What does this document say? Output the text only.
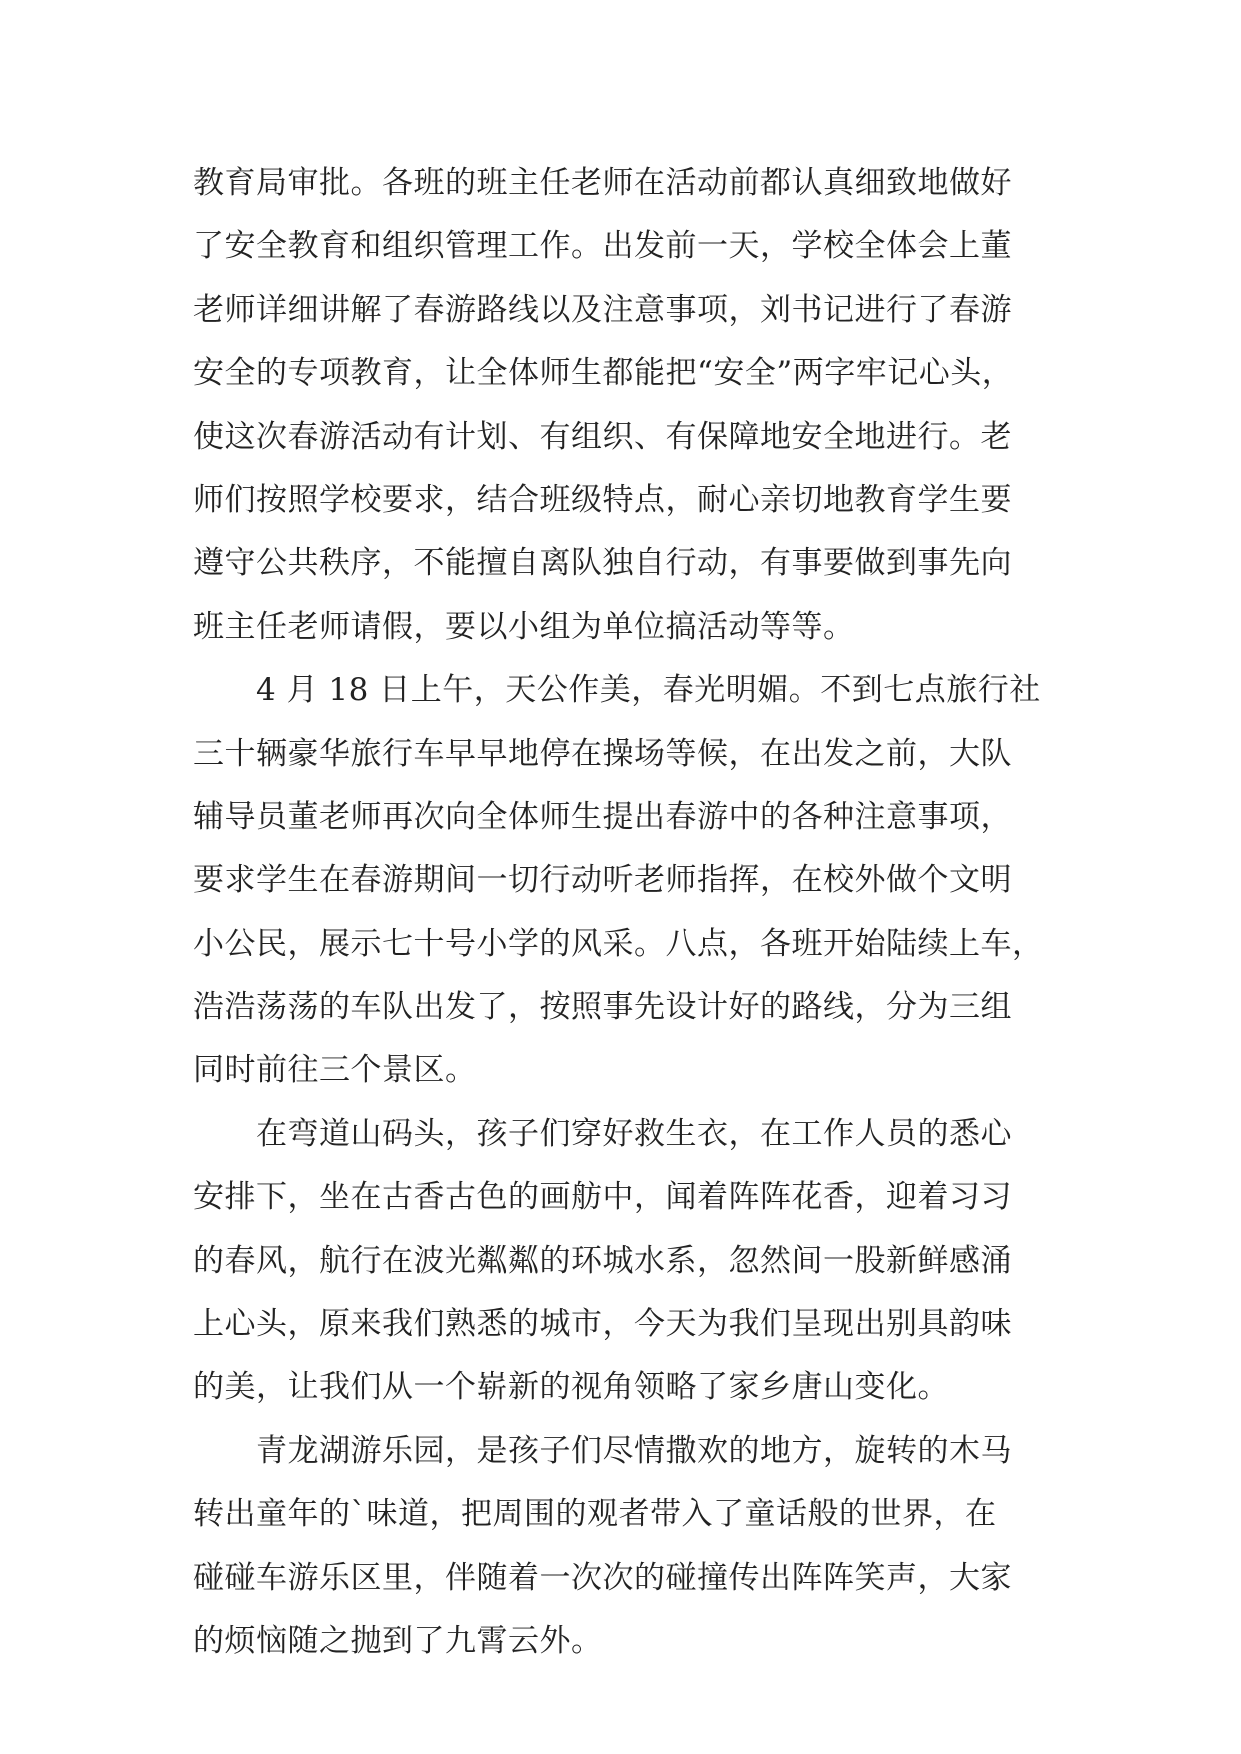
教育局审批。各班的班主任老师在活动前都认真细致地做好
了安全教育和组织管理工作。出发前一天，学校全体会上董
老师详细讲解了春游路线以及注意事项，刘书记进行了春游
安全的专项教育，让全体师生都能把“安全”两字牢记心头，
使这次春游活动有计划、有组织、有保障地安全地进行。老
师们按照学校要求，结合班级特点，耐心亲切地教育学生要
遵守公共秩序，不能擅自离队独自行动，有事要做到事先向
班主任老师请假，要以小组为单位搞活动等等。
　　4 月 18 日上午，天公作美，春光明媚。不到七点旅行社
三十辆豪华旅行车早早地停在操场等候，在出发之前，大队
辅导员董老师再次向全体师生提出春游中的各种注意事项，
要求学生在春游期间一切行动听老师指挥，在校外做个文明
小公民，展示七十号小学的风采。八点，各班开始陆续上车，
浩浩荡荡的车队出发了，按照事先设计好的路线，分为三组
同时前往三个景区。
　　在弯道山码头，孩子们穿好救生衣，在工作人员的悉心
安排下，坐在古香古色的画舫中，闻着阵阵花香，迎着习习
的春风，航行在波光粼粼的环城水系，忽然间一股新鲜感涌
上心头，原来我们熟悉的城市，今天为我们呈现出别具韵味
的美，让我们从一个崭新的视角领略了家乡唐山变化。
　　青龙湖游乐园，是孩子们尽情撒欢的地方，旋转的木马
转出童年的`味道，把周围的观者带入了童话般的世界，在
碰碰车游乐区里，伴随着一次次的碰撞传出阵阵笑声，大家
的烦恼随之抛到了九霄云外。
